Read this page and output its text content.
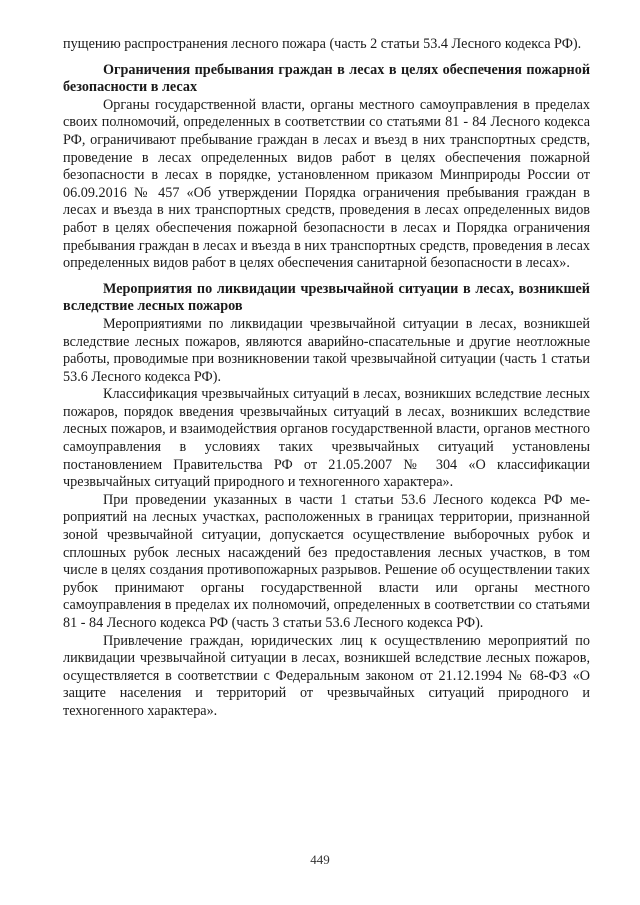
пущению распространения лесного пожара (часть 2 статьи 53.4 Лесного кодекса РФ).

Ограничения пребывания граждан в лесах в целях обеспечения пожарной безопасности в лесах

Органы государственной власти, органы местного самоуправления в пределах своих полномочий, определенных в соответствии со статьями 81 - 84 Лесного кодекса РФ, ограничивают пребывание граждан в лесах и въезд в них транспортных средств, проведение в лесах определенных видов работ в целях обеспечения пожарной безопасности в лесах в порядке, установленном приказом Минприроды России от 06.09.2016 № 457 «Об утверждении Порядка ограничения пребывания граждан в лесах и въезда в них транспортных средств, проведения в лесах определенных видов работ в целях обеспечения пожарной безопасности в лесах и Порядка ограничения пребывания граждан в лесах и въезда в них транспортных средств, проведения в лесах определенных видов работ в целях обеспечения санитарной безопасности в лесах».

Мероприятия по ликвидации чрезвычайной ситуации в лесах, возникшей вследствие лесных пожаров

Мероприятиями по ликвидации чрезвычайной ситуации в лесах, возникшей вследствие лесных пожаров, являются аварийно-спасательные и другие неотложные работы, проводимые при возникновении такой чрезвычайной ситуации (часть 1 статьи 53.6 Лесного кодекса РФ).

Классификация чрезвычайных ситуаций в лесах, возникших вследствие лесных пожаров, порядок введения чрезвычайных ситуаций в лесах, возникших вследствие лесных пожаров, и взаимодействия органов государственной власти, органов местного самоуправления в условиях таких чрезвычайных ситуаций установлены постановлением Правительства РФ от 21.05.2007 № 304 «О классификации чрезвычайных ситуаций природного и техногенного характера».

При проведении указанных в части 1 статьи 53.6 Лесного кодекса РФ мероприятий на лесных участках, расположенных в границах территории, признанной зоной чрезвычайной ситуации, допускается осуществление выборочных рубок и сплошных рубок лесных насаждений без предоставления лесных участков, в том числе в целях создания противопожарных разрывов. Решение об осуществлении таких рубок принимают органы государственной власти или органы местного самоуправления в пределах их полномочий, определенных в соответствии со статьями 81 - 84 Лесного кодекса РФ (часть 3 статьи 53.6 Лесного кодекса РФ).

Привлечение граждан, юридических лиц к осуществлению мероприятий по ликвидации чрезвычайной ситуации в лесах, возникшей вследствие лесных пожаров, осуществляется в соответствии с Федеральным законом от 21.12.1994 № 68-ФЗ «О защите населения и территорий от чрезвычайных ситуаций природного и техногенного характера».

449
